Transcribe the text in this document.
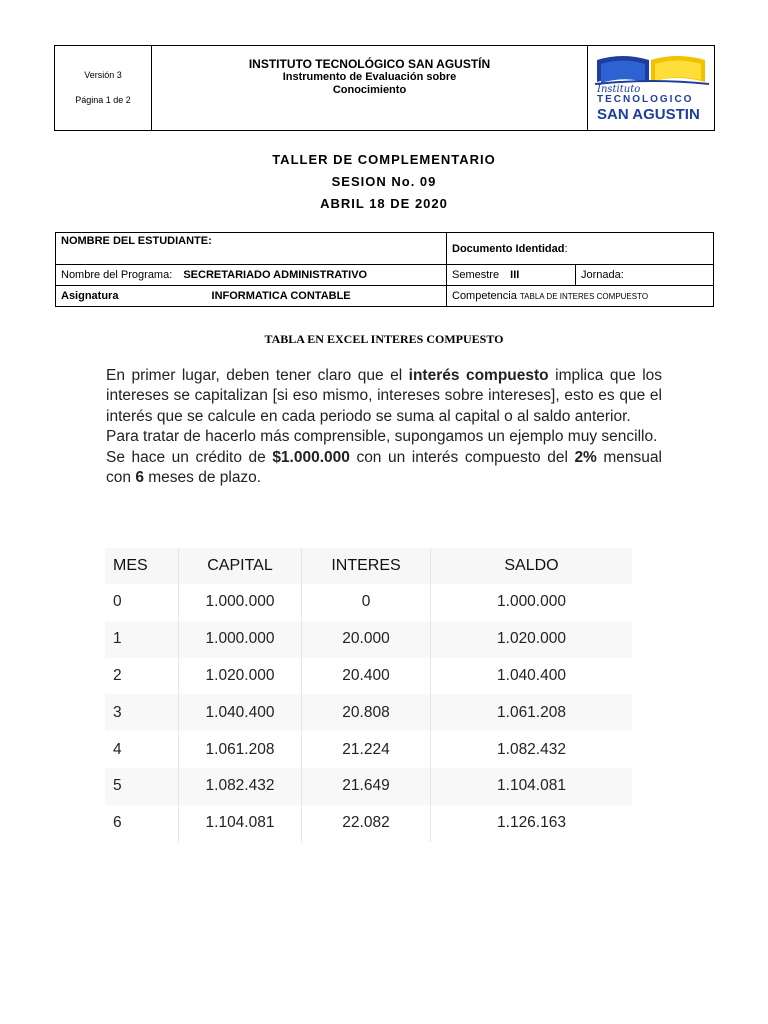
Versión 3
Página 1 de 2
INSTITUTO TECNOLÓGICO SAN AGUSTÍN
Instrumento de Evaluación sobre
Conocimiento	Instituto
TECNOLOGICO
SAN AGUSTIN
TALLER DE COMPLEMENTARIO
SESION No. 09
ABRIL 18 DE 2020
NOMBRE DEL ESTUDIANTE:	Documento Identidad:	
Nombre del Programa: SECRETARIADO ADMINISTRATIVO	Semestre III	Jornada:
Asignatura INFORMATICA CONTABLE	Competencia TABLA DE INTERES COMPUESTO	
TABLA EN EXCEL INTERES COMPUESTO

En primer lugar, deben tener claro que el interés compuesto implica que los intereses se capitalizan [si eso mismo, intereses sobre intereses], esto es que el interés que se calcule en cada periodo se suma al capital o al saldo anterior.

Para tratar de hacerlo más comprensible, supongamos un ejemplo muy sencillo.

Se hace un crédito de $1.000.000 con un interés compuesto del 2% mensual con 6 meses de plazo.

MES	CAPITAL	INTERES	SALDO
0	1.000.000	0	1.000.000
1	1.000.000	20.000	1.020.000
2	1.020.000	20.400	1.040.400
3	1.040.400	20.808	1.061.208
4	1.061.208	21.224	1.082.432
5	1.082.432	21.649	1.104.081
6	1.104.081	22.082	1.126.163
